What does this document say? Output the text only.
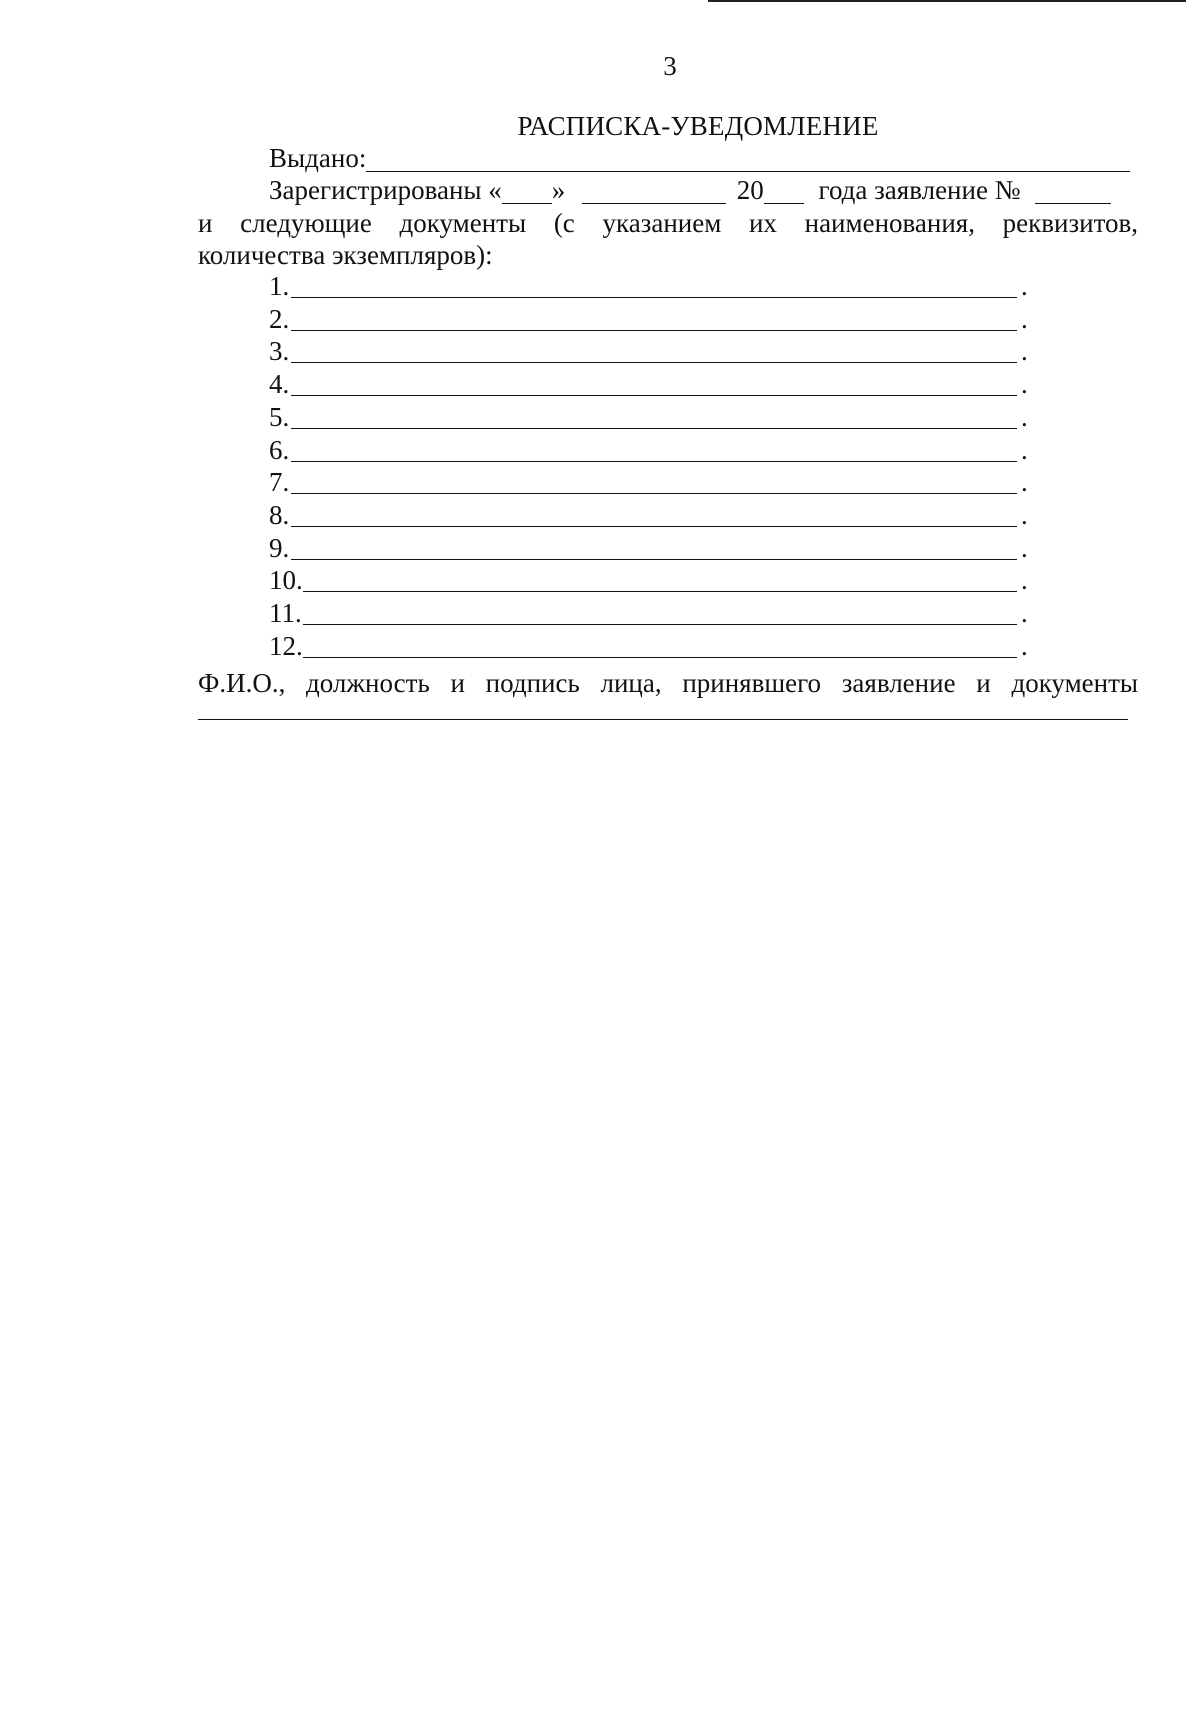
3
РАСПИСКА-УВЕДОМЛЕНИЕ
Выдано:
Зарегистрированы « »	20 года заявление №
и следующие документы (с указанием их наименования, реквизитов,
количества экземпляров):
1.	.
2.	.
3.	.
4.	.
5.	.
6.	.
7.	.
8.	.
9.	.
10.	.
11.	.
12.	.
Ф.И.О., должность и подпись лица, принявшего заявление и документы
